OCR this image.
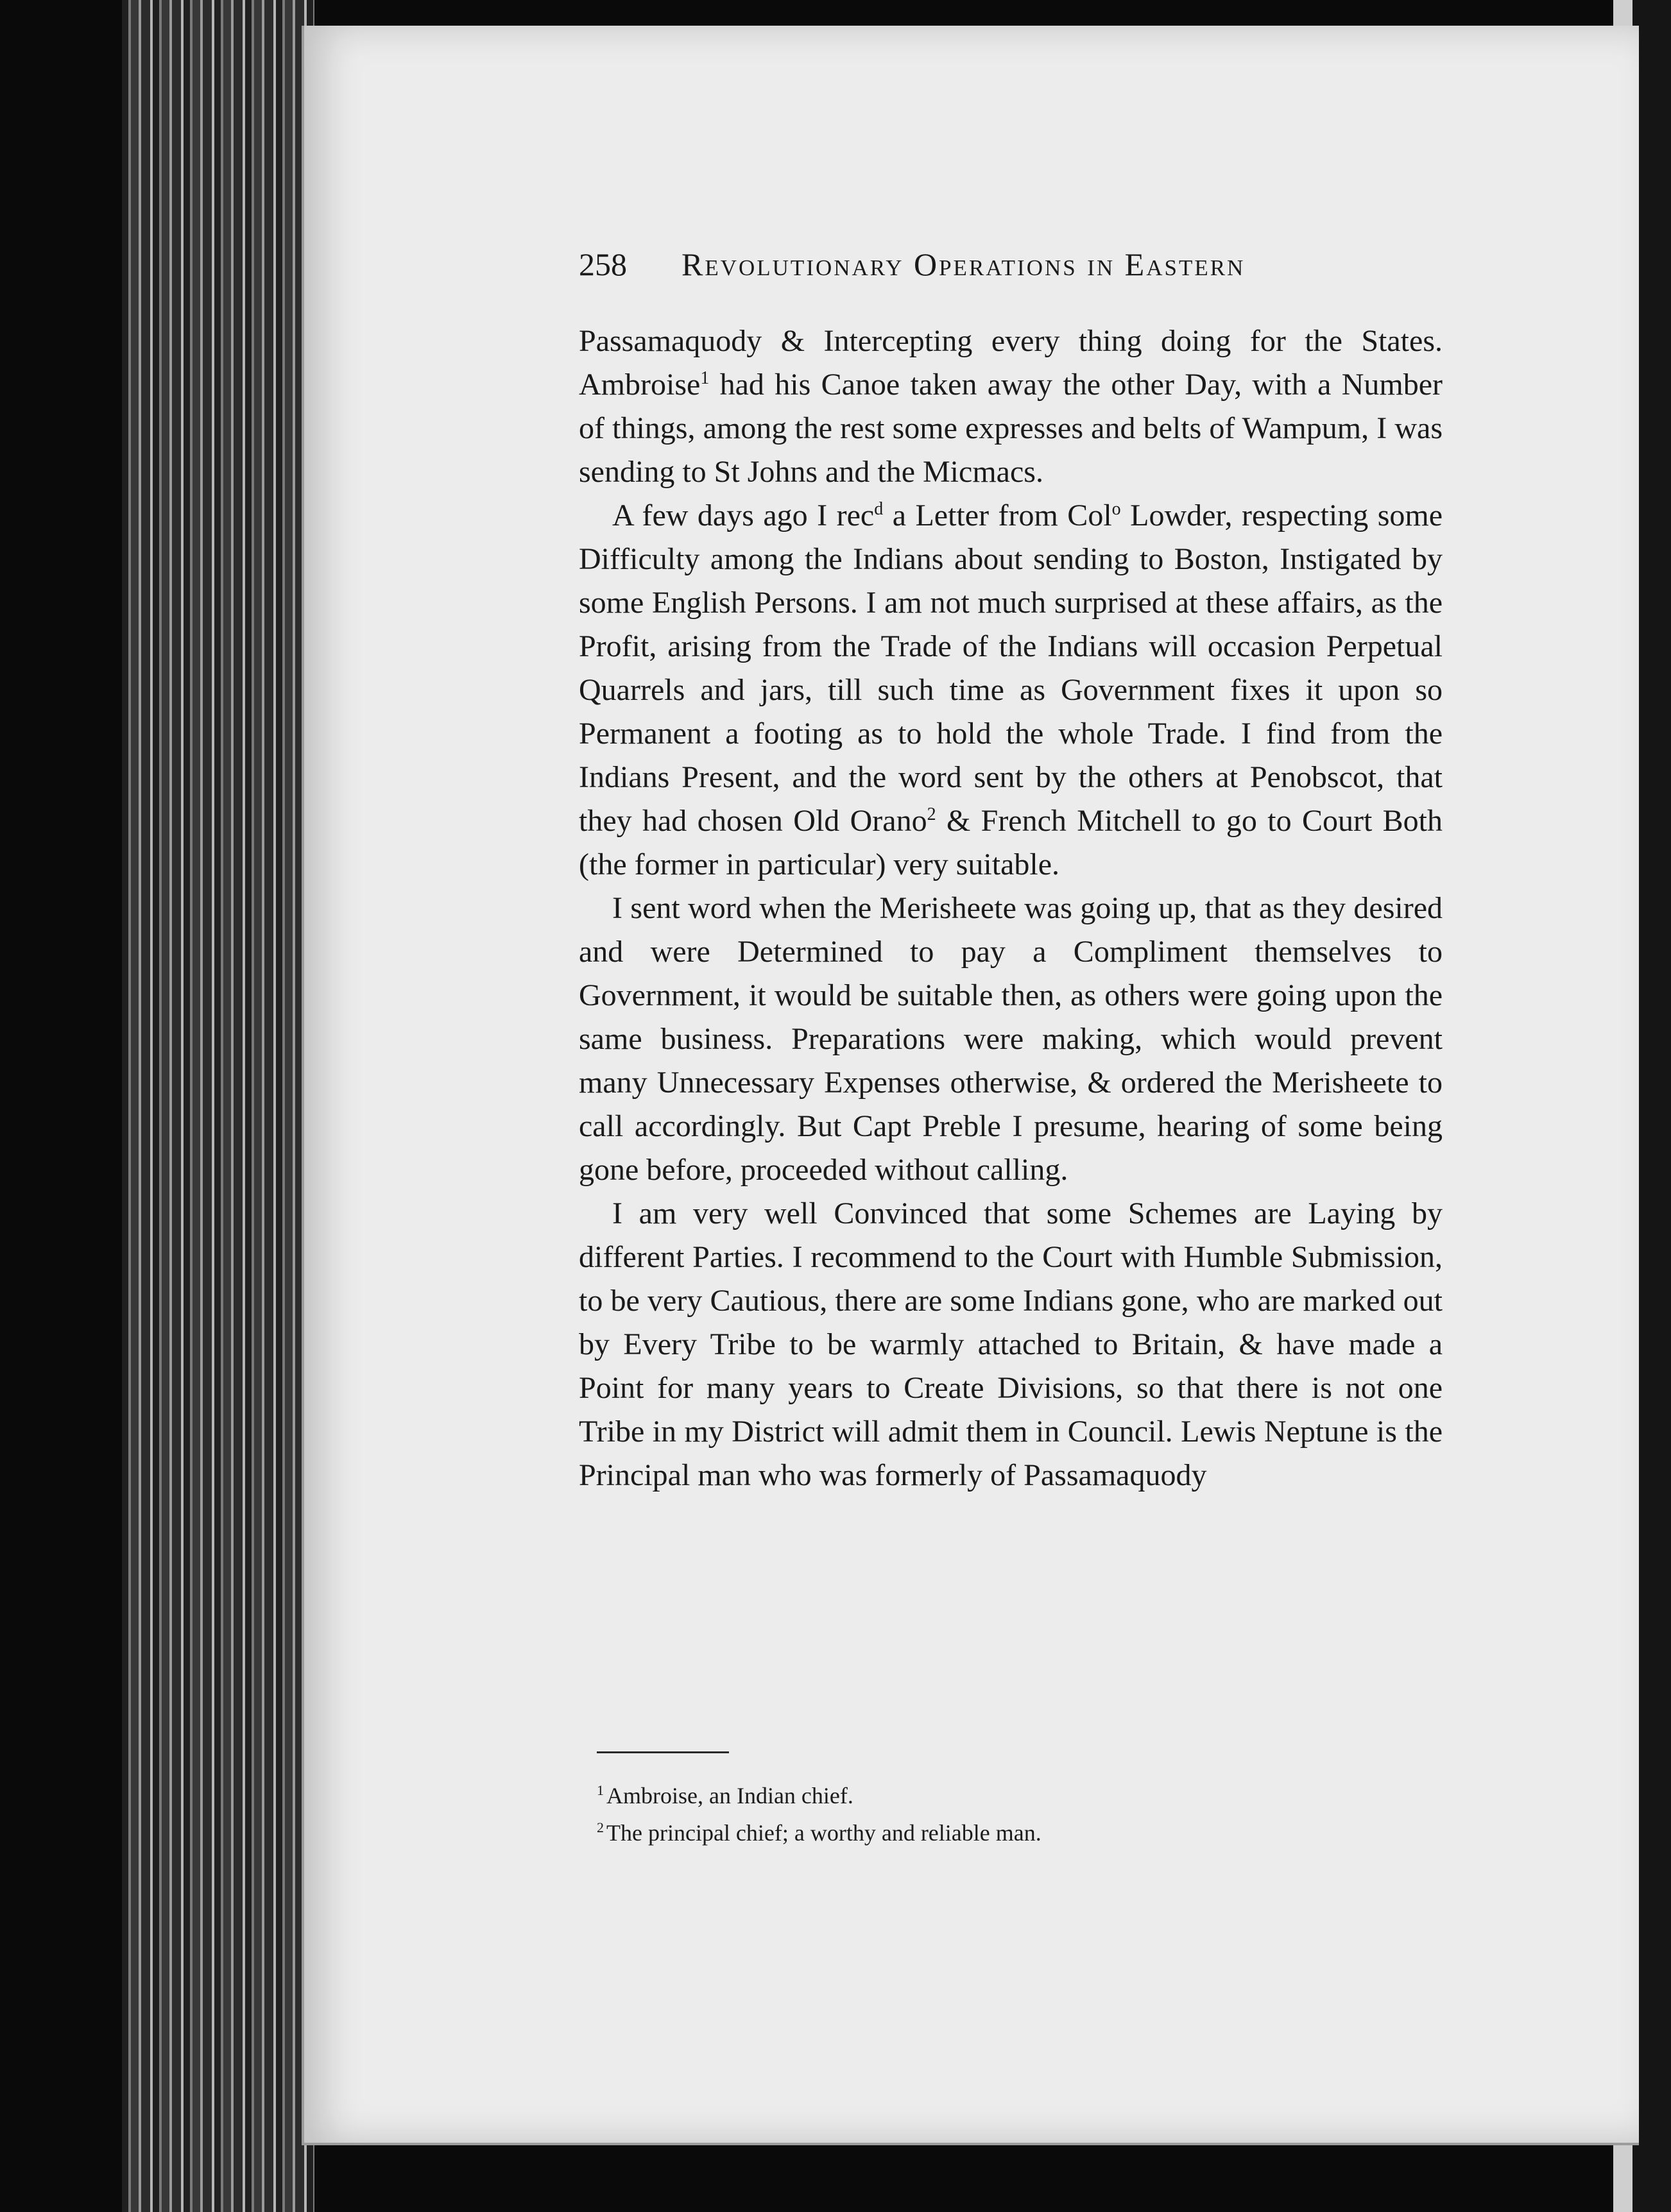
258 Revolutionary Operations in Eastern

Passamaquody & Intercepting every thing doing for the States. Ambroise$^1$ had his Canoe taken away the other Day, with a Number of things, among the rest some expresses and belts of Wampum, I was sending to St Johns and the Micmacs.

A few days ago I rec$^d$ a Letter from Col$^o$ Lowder, respecting some Difficulty among the Indians about sending to Boston, Instigated by some English Persons. I am not much surprised at these affairs, as the Profit, arising from the Trade of the Indians will occasion Perpetual Quarrels and jars, till such time as Government fixes it upon so Permanent a footing as to hold the whole Trade. I find from the Indians Present, and the word sent by the others at Penobscot, that they had chosen Old Orano$^2$ & French Mitchell to go to Court Both (the former in particular) very suitable.

I sent word when the Merisheete was going up, that as they desired and were Determined to pay a Compliment themselves to Government, it would be suitable then, as others were going upon the same business. Preparations were making, which would prevent many Unnecessary Expenses otherwise, & ordered the Merisheete to call accordingly. But Capt Preble I presume, hearing of some being gone before, proceeded without calling.

I am very well Convinced that some Schemes are Laying by different Parties. I recommend to the Court with Humble Submission, to be very Cautious, there are some Indians gone, who are marked out by Every Tribe to be warmly attached to Britain, & have made a Point for many years to Create Divisions, so that there is not one Tribe in my District will admit them in Council. Lewis Neptune is the Principal man who was formerly of Passamaquody

$^1$ Ambroise, an Indian chief.

$^2$ The principal chief; a worthy and reliable man.
